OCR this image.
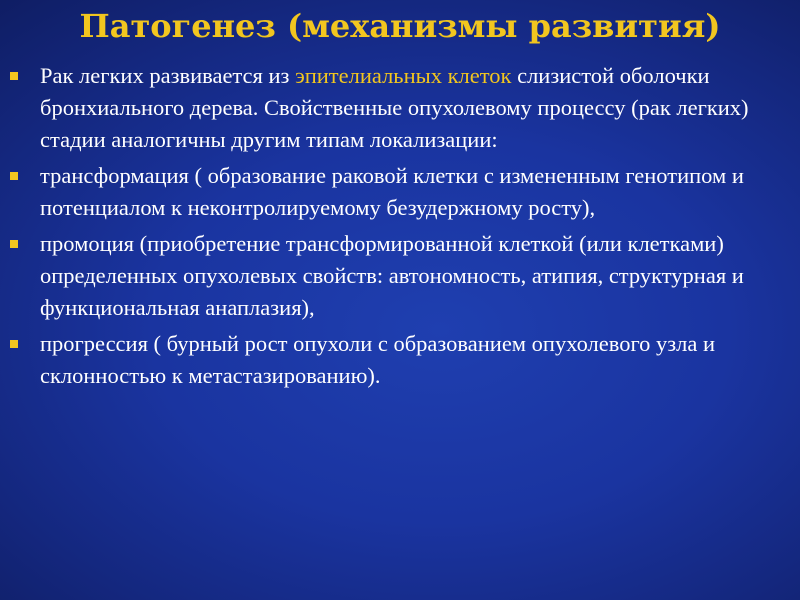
Патогенез (механизмы развития)
Рак легких развивается из эпителиальных клеток слизистой оболочки бронхиального дерева. Свойственные опухолевому процессу (рак легких) стадии аналогичны другим типам локализации:
трансформация ( образование раковой клетки с измененным генотипом и потенциалом к неконтролируемому безудержному росту),
промоция (приобретение трансформированной клеткой (или клетками) определенных опухолевых свойств: автономность, атипия, структурная и функциональная анаплазия),
прогрессия ( бурный рост опухоли с образованием опухолевого узла и склонностью к метастазированию).
